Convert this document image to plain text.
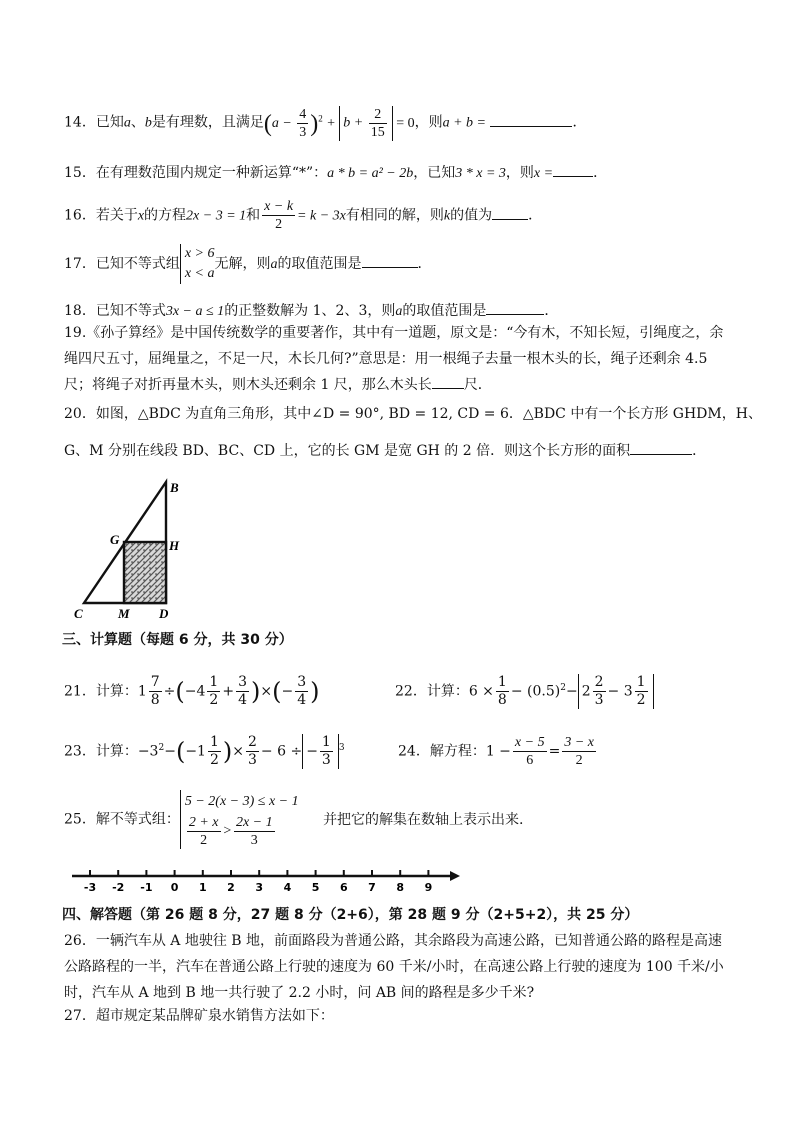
14．已知a、b是有理数，且满足$(a - \frac{4}{3} )^2 + b + \frac{2}{15} = 0$，则a + b =	．
15．在有理数范围内规定一种新运算“*”：a * b = a² − 2b，已知3 * x = 3，则x =	．
16．若关于x的方程2x − 3 = 1和 $\frac{x - k}{2} = k - 3x$有相同的解，则k的值为	．
17．已知不等式组
x > 6
x < a
无解，则a的取值范围是	．
18．已知不等式3x − a ≤ 1的正整数解为 1、2、3，则a的取值范围是	．
19.《孙子算经》是中国传统数学的重要著作，其中有一道题，原文是：“今有木，不知长短，引绳度之，余绳四尺五寸，屈绳量之，不足一尺，木长几何?”意思是：用一根绳子去量一根木头的长，绳子还剩余 4.5 尺；将绳子对折再量木头，则木头还剩余 1 尺，那么木头长 尺．
20．如图，△BDC 为直角三角形，其中∠D = 90°, BD = 12, CD = 6．△BDC 中有一个长方形 GHDM，H、
G、M 分别在线段 BD、BC、CD 上，它的长 GM 是宽 GH 的 2 倍．则这个长方形的面积	．
B
G	H
C	M D
三、计算题（每题 6 分，共 30 分）
21．计算：$1 \frac{7}{8} \div(-4 \frac{1}{2} + \frac{3}{4}$ )×(− $\frac{3}{4}$ )	22．计算：$6 \times \frac{1}{8} - (0.5)^2- 2 \frac{2}{3} - 3 \frac{1}{2}$
23．计算：$-3^2-(-1 \frac{1}{2}$ )× $\frac{2}{3} - 6$ ÷ − $\frac{1}{3} ^3$	24．解方程：$1 - \frac{x - 5}{6} = \frac{3 - x}{2}$
25．解不等式组：
5 − 2(x − 3) ≤ x − 1
$\frac{2 + x}{2} > \frac{2x - 1}{3}$	并把它的解集在数轴上表示出来.
-3 -2 -1 0 1 2 3 4 5 6 7 8 9
四、解答题（第 26 题 8 分，27 题 8 分（2+6），第 28 题 9 分（2+5+2），共 25 分）
26．一辆汽车从 A 地驶往 B 地，前面路段为普通公路，其余路段为高速公路，已知普通公路的路程是高速公路路程的一半，汽车在普通公路上行驶的速度为 60 千米/小时，在高速公路上行驶的速度为 100 千米/小时，汽车从 A 地到 B 地一共行驶了 2.2 小时，问 AB 间的路程是多少千米?
27．超市规定某品牌矿泉水销售方法如下：
